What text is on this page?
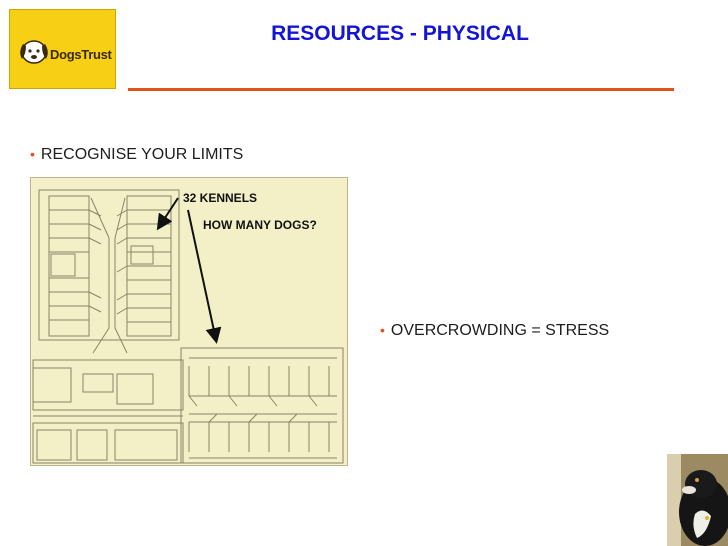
DogsTrust
RESOURCES - PHYSICAL
• RECOGNISE YOUR LIMITS
32 KENNELS
HOW MANY DOGS?
• OVERCROWDING = STRESS
